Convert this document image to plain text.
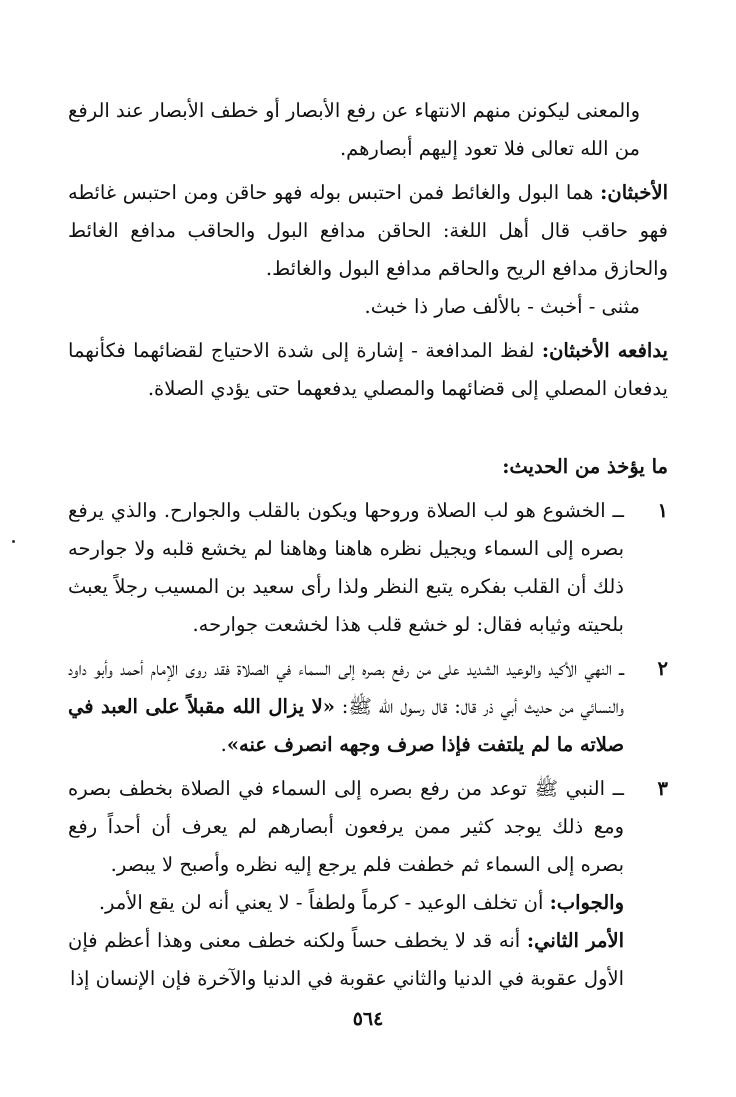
والمعنى ليكونن منهم الانتهاء عن رفع الأبصار أو خطف الأبصار عند الرفع من الله تعالى فلا تعود إليهم أبصارهم.

الأخبثان: هما البول والغائط فمن احتبس بوله فهو حاقن ومن احتبس غائطه فهو حاقب قال أهل اللغة: الحاقن مدافع البول والحاقب مدافع الغائط والحازق مدافع الريح والحاقم مدافع البول والغائط.

مثنى - أخبث - بالألف صار ذا خبث.

يدافعه الأخبثان: لفظ المدافعة - إشارة إلى شدة الاحتياج لقضائهما فكأنهما يدفعان المصلي إلى قضائهما والمصلي يدفعهما حتى يؤدي الصلاة.

ما يؤخذ من الحديث:

١
ــ الخشوع هو لب الصلاة وروحها ويكون بالقلب والجوارح. والذي يرفع بصره إلى السماء ويجيل نظره هاهنا وهاهنا لم يخشع قلبه ولا جوارحه ذلك أن القلب بفكره يتبع النظر ولذا رأى سعيد بن المسيب رجلاً يعبث بلحيته وثيابه فقال: لو خشع قلب هذا لخشعت جوارحه.
٢
ــ النهي الأكيد والوعيد الشديد على من رفع بصره إلى السماء في الصلاة فقد روى الإمام أحمد وأبو داود والنسائي من حديث أبي ذر قال: قال رسول الله ﷺ: «لا يزال الله مقبلاً على العبد في صلاته ما لم يلتفت فإذا صرف وجهه انصرف عنه».
٣
ــ النبي ﷺ توعد من رفع بصره إلى السماء في الصلاة بخطف بصره ومع ذلك يوجد كثير ممن يرفعون أبصارهم لم يعرف أن أحداً رفع بصره إلى السماء ثم خطفت فلم يرجع إليه نظره وأصبح لا يبصر.
والجواب: أن تخلف الوعيد - كرماً ولطفاً - لا يعني أنه لن يقع الأمر.
الأمر الثاني: أنه قد لا يخطف حساً ولكنه خطف معنى وهذا أعظم فإن الأول عقوبة في الدنيا والثاني عقوبة في الدنيا والآخرة فإن الإنسان إذا
٥٦٤
